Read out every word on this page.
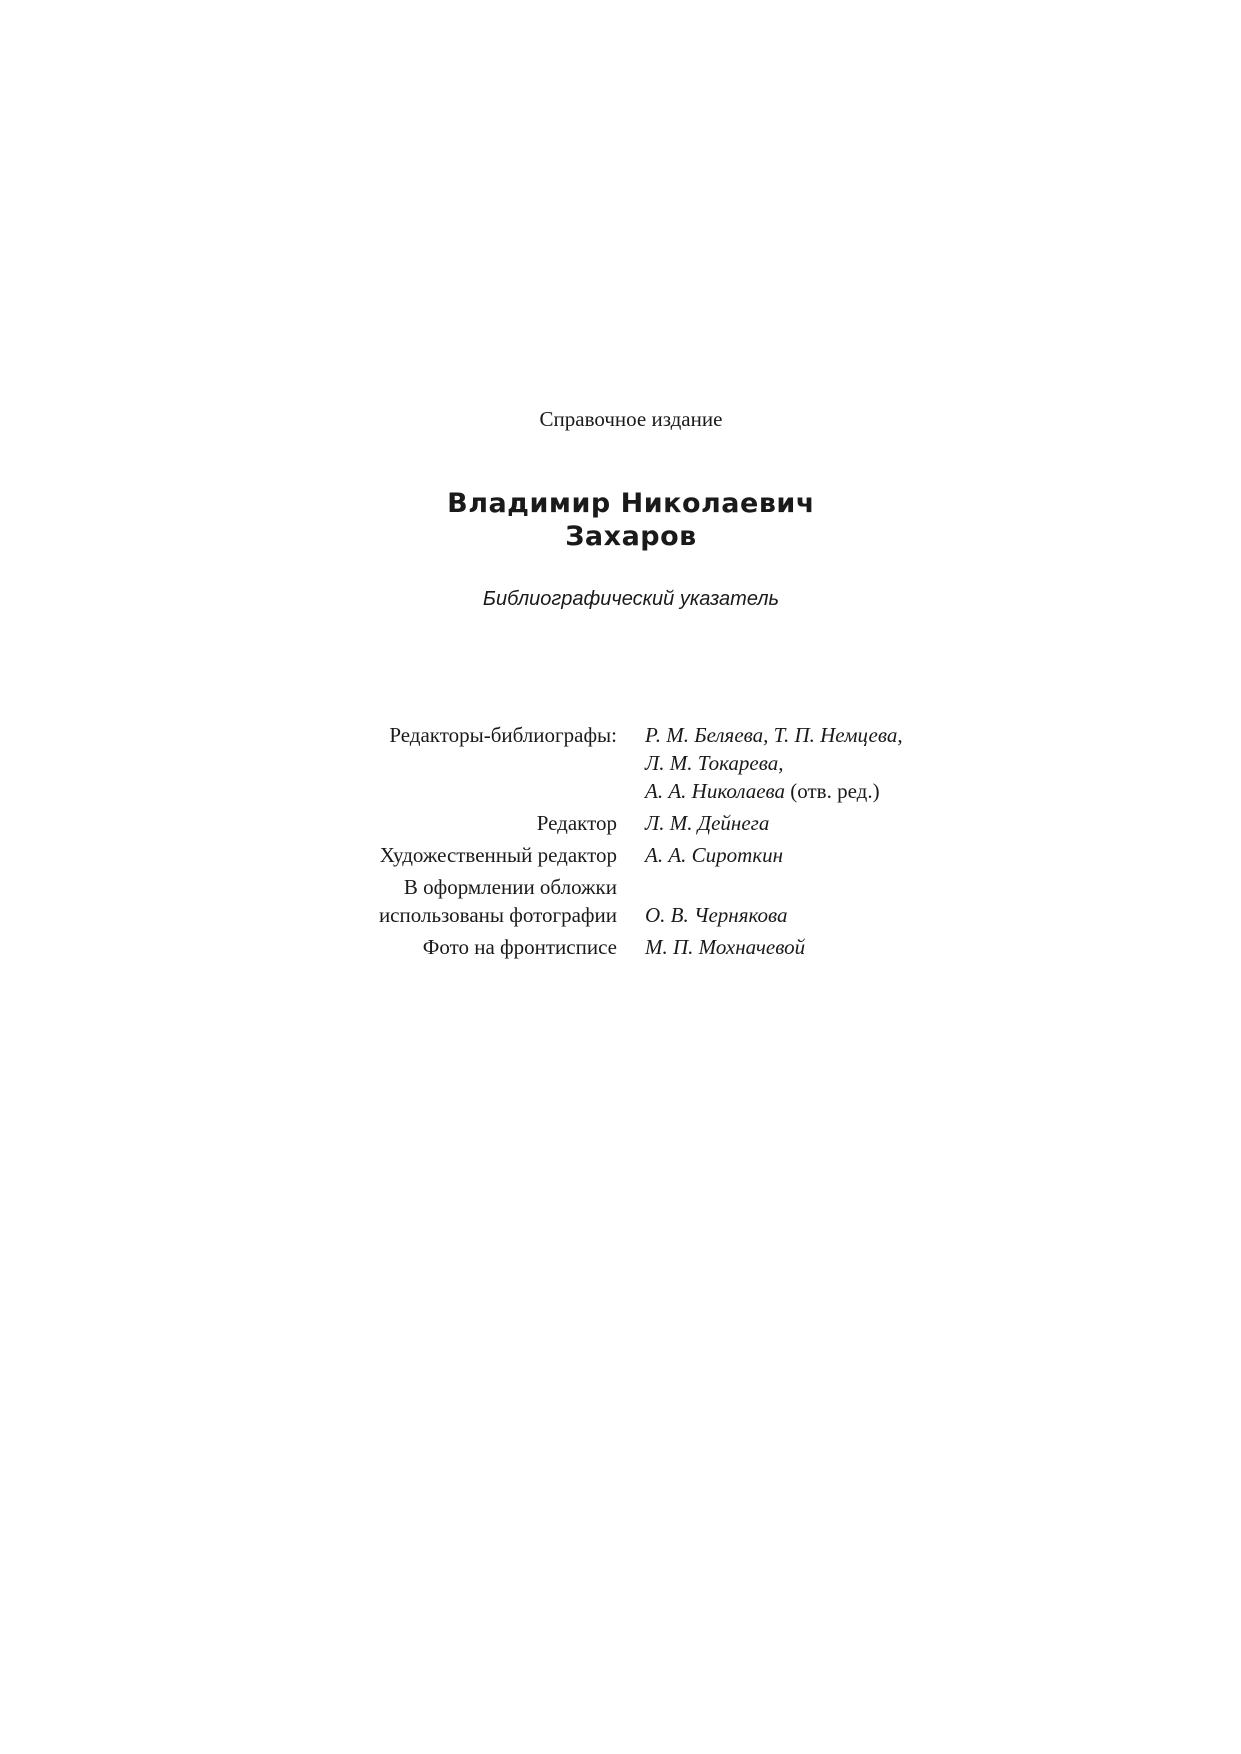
Справочное издание
Владимир Николаевич
Захаров
Библиографический указатель
Редакторы-библиографы: Р. М. Беляева, Т. П. Немцева,
Л. М. Токарева,
А. А. Николаева (отв. ред.)
Редактор Л. М. Дейнега
Художественный редактор А. А. Сироткин
В оформлении обложки
использованы фотографии О. В. Чернякова
Фото на фронтисписе М. П. Мохначевой
